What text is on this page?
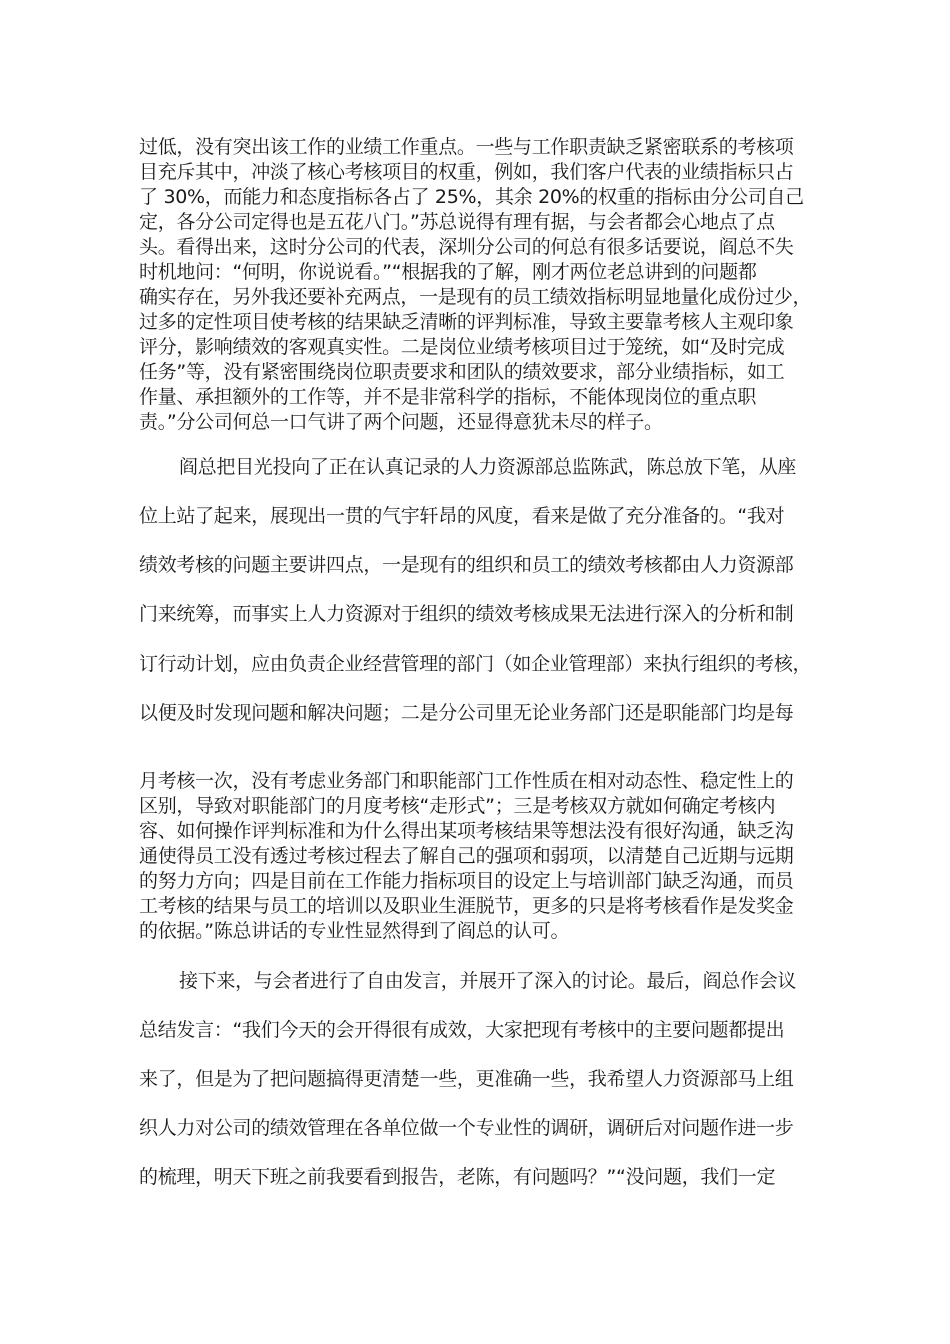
过低，没有突出该工作的业绩工作重点。一些与工作职责缺乏紧密联系的考核项
目充斥其中，冲淡了核心考核项目的权重，例如，我们客户代表的业绩指标只占
了 30%，而能力和态度指标各占了 25%，其余 20%的权重的指标由分公司自己
定，各分公司定得也是五花八门。”苏总说得有理有据，与会者都会心地点了点
头。看得出来，这时分公司的代表，深圳分公司的何总有很多话要说，阎总不失
时机地问：“何明，你说说看。”“根据我的了解，刚才两位老总讲到的问题都
确实存在，另外我还要补充两点，一是现有的员工绩效指标明显地量化成份过少，
过多的定性项目使考核的结果缺乏清晰的评判标准，导致主要靠考核人主观印象
评分，影响绩效的客观真实性。二是岗位业绩考核项目过于笼统，如“及时完成
任务”等，没有紧密围绕岗位职责要求和团队的绩效要求，部分业绩指标，如工
作量、承担额外的工作等，并不是非常科学的指标，不能体现岗位的重点职
责。”分公司何总一口气讲了两个问题，还显得意犹未尽的样子。
阎总把目光投向了正在认真记录的人力资源部总监陈武，陈总放下笔，从座
位上站了起来，展现出一贯的气宇轩昂的风度，看来是做了充分准备的。“我对
绩效考核的问题主要讲四点，一是现有的组织和员工的绩效考核都由人力资源部
门来统筹，而事实上人力资源对于组织的绩效考核成果无法进行深入的分析和制
订行动计划，应由负责企业经营管理的部门（如企业管理部）来执行组织的考核，
以便及时发现问题和解决问题；二是分公司里无论业务部门还是职能部门均是每
月考核一次，没有考虑业务部门和职能部门工作性质在相对动态性、稳定性上的
区别，导致对职能部门的月度考核“走形式”；三是考核双方就如何确定考核内
容、如何操作评判标准和为什么得出某项考核结果等想法没有很好沟通，缺乏沟
通使得员工没有透过考核过程去了解自己的强项和弱项，以清楚自己近期与远期
的努力方向；四是目前在工作能力指标项目的设定上与培训部门缺乏沟通，而员
工考核的结果与员工的培训以及职业生涯脱节，更多的只是将考核看作是发奖金
的依据。”陈总讲话的专业性显然得到了阎总的认可。
接下来，与会者进行了自由发言，并展开了深入的讨论。最后，阎总作会议
总结发言：“我们今天的会开得很有成效，大家把现有考核中的主要问题都提出
来了，但是为了把问题搞得更清楚一些，更准确一些，我希望人力资源部马上组
织人力对公司的绩效管理在各单位做一个专业性的调研，调研后对问题作进一步
的梳理，明天下班之前我要看到报告，老陈，有问题吗？”“没问题，我们一定
